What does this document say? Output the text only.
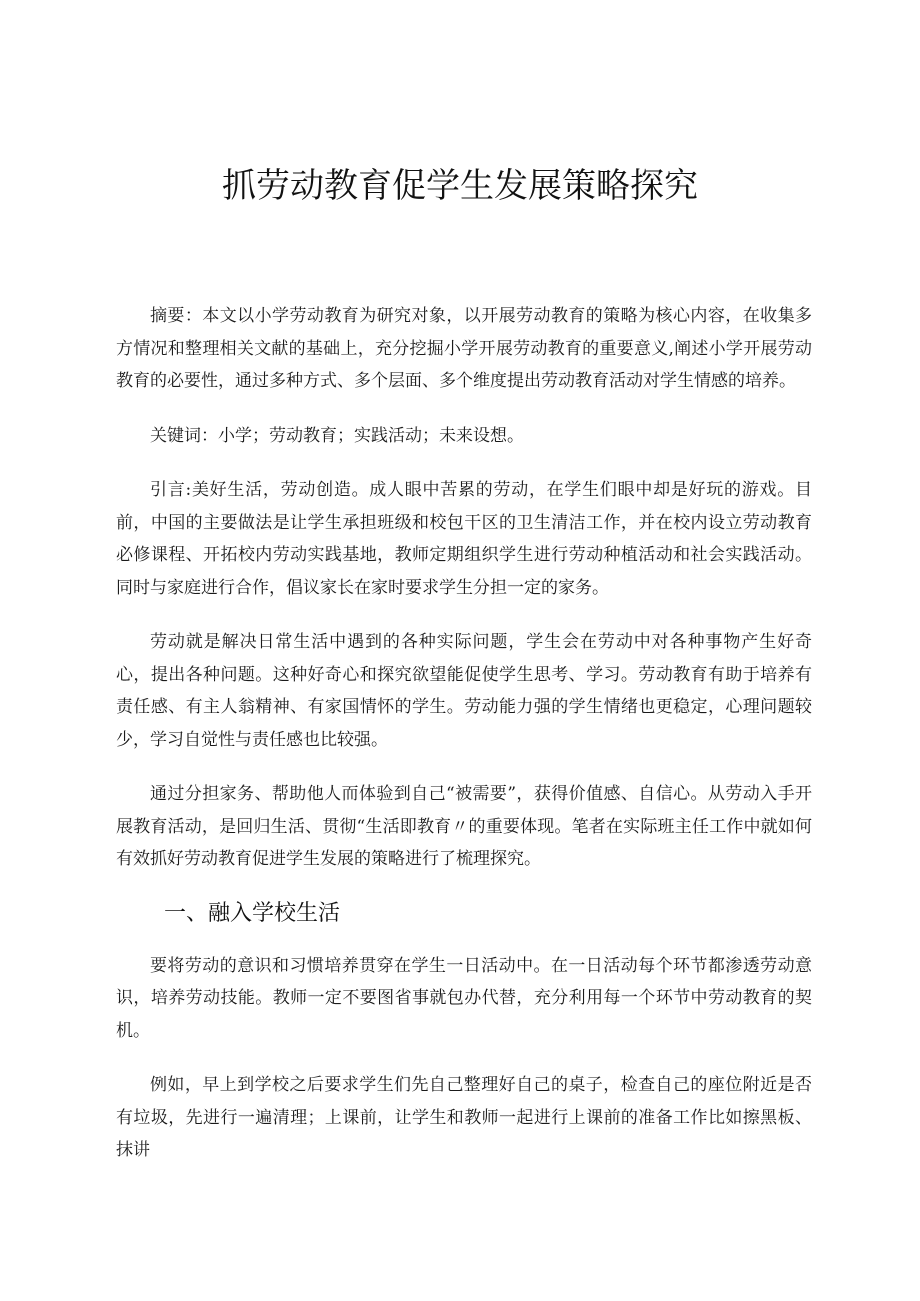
抓劳动教育促学生发展策略探究

摘要：本文以小学劳动教育为研究对象，以开展劳动教育的策略为核心内容，在收集多方情况和整理相关文献的基础上，充分挖掘小学开展劳动教育的重要意义,阐述小学开展劳动教育的必要性，通过多种方式、多个层面、多个维度提出劳动教育活动对学生情感的培养。

关键词：小学；劳动教育；实践活动；未来设想。

引言:美好生活，劳动创造。成人眼中苦累的劳动，在学生们眼中却是好玩的游戏。目前，中国的主要做法是让学生承担班级和校包干区的卫生清洁工作，并在校内设立劳动教育必修课程、开拓校内劳动实践基地，教师定期组织学生进行劳动种植活动和社会实践活动。同时与家庭进行合作，倡议家长在家时要求学生分担一定的家务。

劳动就是解决日常生活中遇到的各种实际问题，学生会在劳动中对各种事物产生好奇心，提出各种问题。这种好奇心和探究欲望能促使学生思考、学习。劳动教育有助于培养有责任感、有主人翁精神、有家国情怀的学生。劳动能力强的学生情绪也更稳定，心理问题较少，学习自觉性与责任感也比较强。

通过分担家务、帮助他人而体验到自己“被需要”，获得价值感、自信心。从劳动入手开展教育活动，是回归生活、贯彻“生活即教育〃的重要体现。笔者在实际班主任工作中就如何有效抓好劳动教育促进学生发展的策略进行了梳理探究。

一、融入学校生活

要将劳动的意识和习惯培养贯穿在学生一日活动中。在一日活动每个环节都渗透劳动意识，培养劳动技能。教师一定不要图省事就包办代替，充分利用每一个环节中劳动教育的契机。

例如，早上到学校之后要求学生们先自己整理好自己的桌子，检查自己的座位附近是否有垃圾，先进行一遍清理；上课前，让学生和教师一起进行上课前的准备工作比如擦黑板、抹讲
